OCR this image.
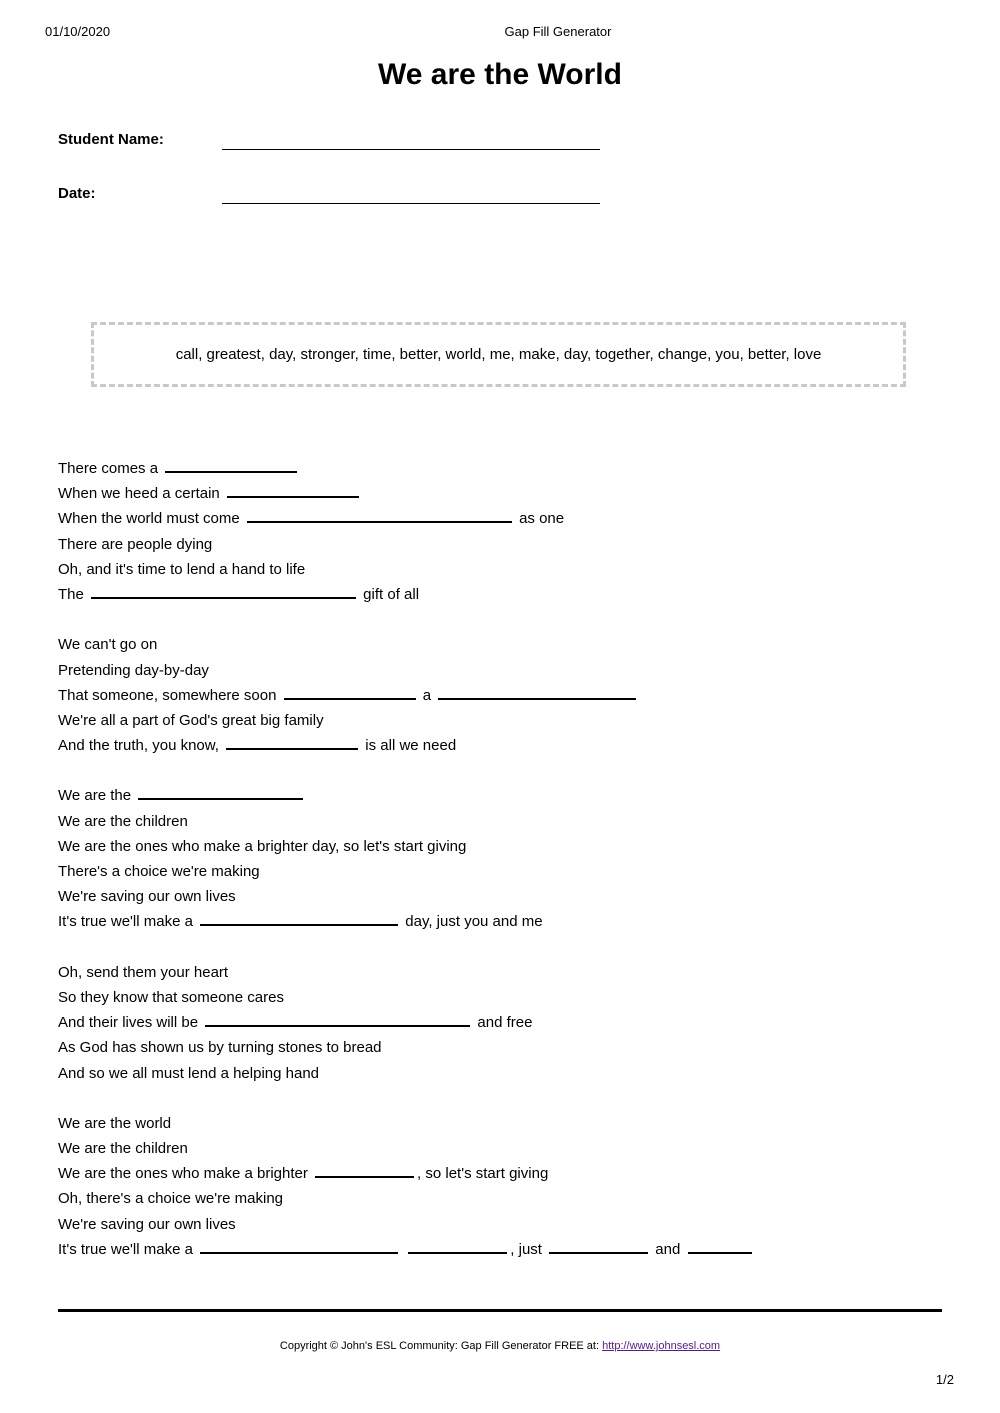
01/10/2020	Gap Fill Generator
We are the World
Student Name:
Date:
call, greatest, day, stronger, time, better, world, me, make, day, together, change, you, better, love
There comes a
When we heed a certain
When the world must come	as one
There are people dying
Oh, and it's time to lend a hand to life
The	gift of all
We can't go on
Pretending day-by-day
That someone, somewhere soon	a
We're all a part of God's great big family
And the truth, you know,	is all we need
We are the
We are the children
We are the ones who make a brighter day, so let's start giving
There's a choice we're making
We're saving our own lives
It's true we'll make a	day, just you and me
Oh, send them your heart
So they know that someone cares
And their lives will be	and free
As God has shown us by turning stones to bread
And so we all must lend a helping hand
We are the world
We are the children
We are the ones who make a brighter	, so let's start giving
Oh, there's a choice we're making
We're saving our own lives
It's true we'll make a	, just	and
Copyright © John's ESL Community: Gap Fill Generator FREE at: http://www.johnsesl.com
1/2
